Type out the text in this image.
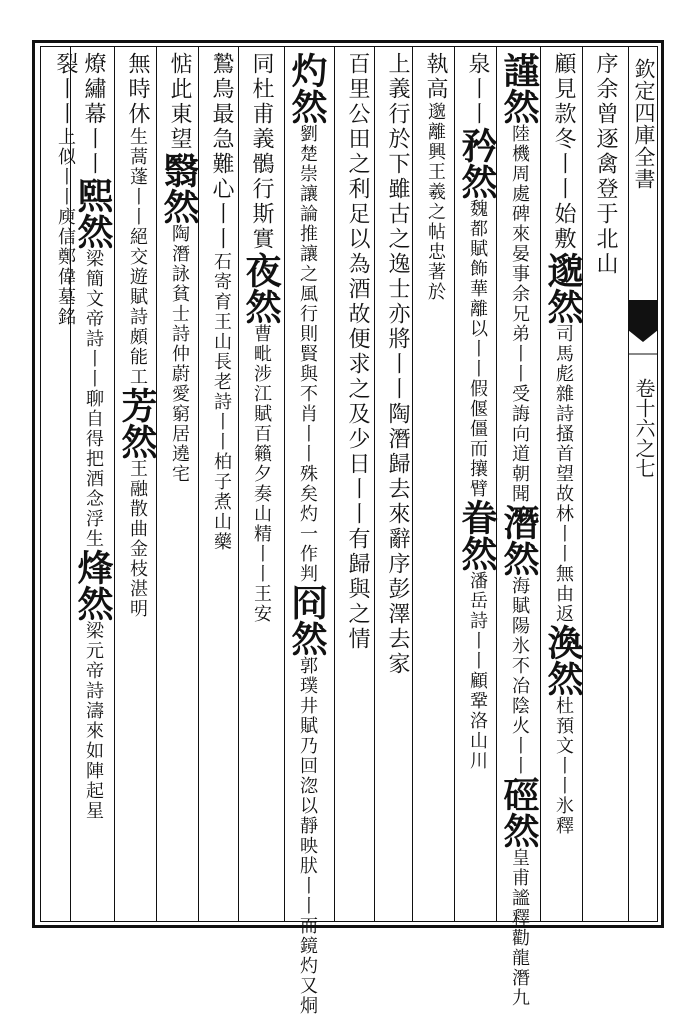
欽定四庫全書
卷十六之七
序余曾逐禽登于北山
顧見款冬丨丨始敷邈然司馬彪雜詩搔首望故林丨丨無由返渙然杜預文丨丨氷釋
謹然陸機周處碑來晏事余兄弟丨丨受誨向道朝聞潛然海賦陽氷不冶陰火丨丨硜然皇甫謐釋勸龍潛九
泉丨丨矜然魏都賦飾華離以丨丨假偃僵而攘臂眷然潘岳詩丨丨顧鞏洛山川
執高邈離興王羲之帖忠著於
上義行於下雖古之逸士亦將丨丨陶潛歸去來辭序彭澤去家
百里公田之利足以為酒故便求之及少日丨丨有歸與之情
灼然劉楚崇讓論推讓之風行則賢與不肖丨丨殊矣灼一作判冏然郭璞井賦乃回淴以靜映肰丨丨而鏡灼又烔
同杜甫義鶻行斯實夜然曹毗涉江賦百籟夕奏山精丨丨王安
鷙鳥最急難心丨丨石寄育王山長老詩丨丨柏子煮山藥
惦此東望翳然陶潛詠貧士詩仲蔚愛窮居遶宅
無時休生蒿蓬丨丨絕交遊賦詩頗能工芳然王融散曲金枝湛明
燎繡幕丨丨熙然梁簡文帝詩丨丨聊自得把酒念浮生烽然梁元帝詩濤來如陣起星
裂丨丨上似丨丨庾信鄭偉墓銘
